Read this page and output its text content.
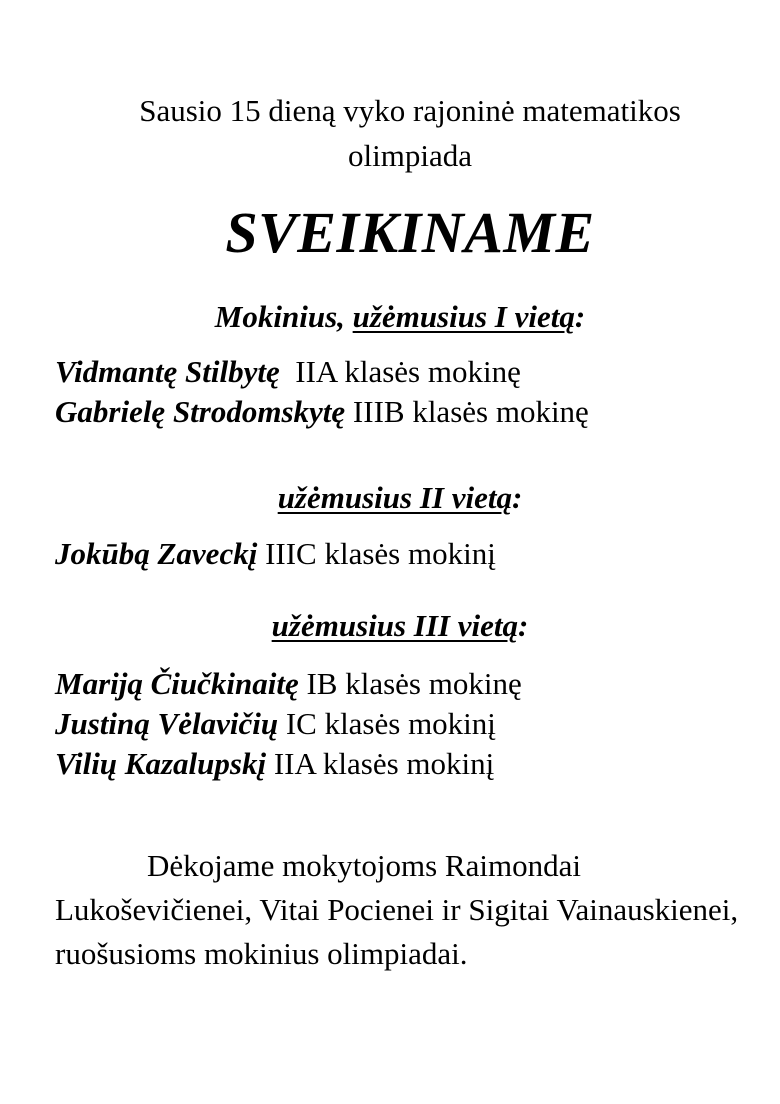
Sausio 15 dieną vyko rajoninė matematikos
olimpiada
SVEIKINAME
Mokinius, užėmusius I vietą:
Vidmantę Stilbytę IIA klasės mokinę
Gabrielę Strodomskytę IIIB klasės mokinę
užėmusius II vietą:
Jokūbą Zaveckį IIIC klasės mokinį
užėmusius III vietą:
Mariją Čiučkinaitę IB klasės mokinę
Justiną Vėlavičių IC klasės mokinį
Vilių Kazalupskį IIA klasės mokinį
Dėkojame mokytojoms Raimondai Lukoševičienei, Vitai Pocienei ir Sigitai Vainauskienei, ruošusioms mokinius olimpiadai.
